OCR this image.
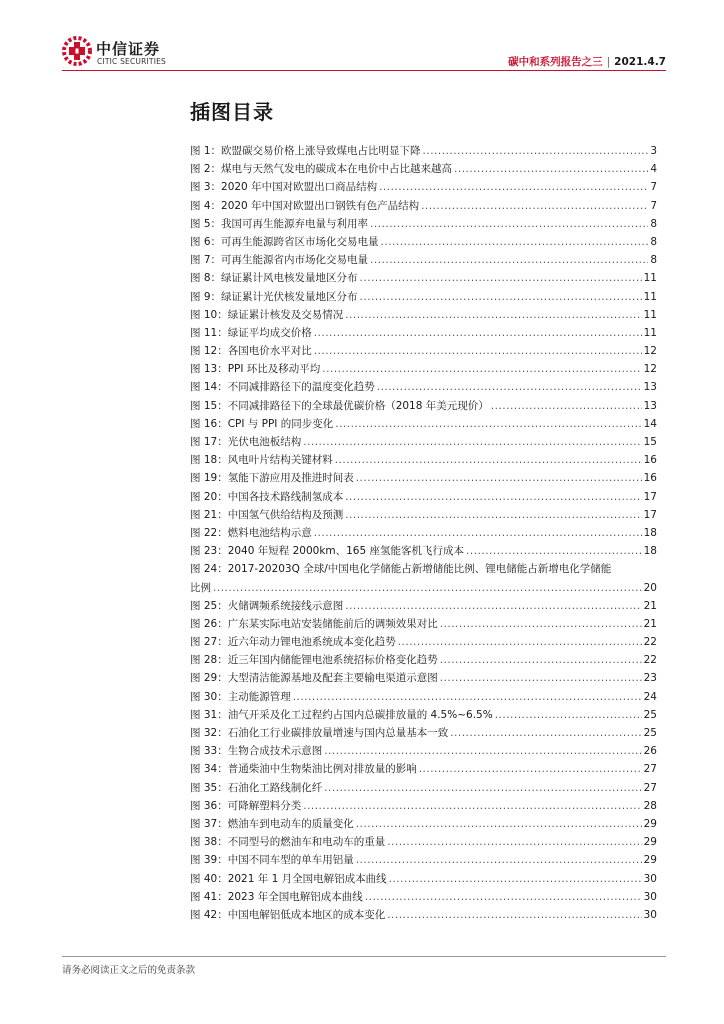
中信证券
CITIC SECURITIES	碳中和系列报告之三 | 2021.4.7
插图目录
图 1：欧盟碳交易价格上涨导致煤电占比明显下降 .....	3
图 2：煤电与天然气发电的碳成本在电价中占比越来越高 .....	4
图 3：2020 年中国对欧盟出口商品结构 .....	7
图 4：2020 年中国对欧盟出口钢铁有色产品结构 .....	7
图 5：我国可再生能源弃电量与利用率 .....	8
图 6：可再生能源跨省区市场化交易电量 .....	8
图 7：可再生能源省内市场化交易电量 .....	8
图 8：绿证累计风电核发量地区分布 .....	11
图 9：绿证累计光伏核发量地区分布 .....	11
图 10：绿证累计核发及交易情况 .....	11
图 11：绿证平均成交价格 .....	11
图 12：各国电价水平对比 .....	12
图 13：PPI 环比及移动平均 .....	12
图 14：不同减排路径下的温度变化趋势 .....	13
图 15：不同减排路径下的全球最优碳价格（2018 年美元现价） .....	13
图 16：CPI 与 PPI 的同步变化 .....	14
图 17：光伏电池板结构 .....	15
图 18：风电叶片结构关键材料 .....	16
图 19：氢能下游应用及推进时间表 .....	16
图 20：中国各技术路线制氢成本 .....	17
图 21：中国氢气供给结构及预测 .....	17
图 22：燃料电池结构示意 .....	18
图 23：2040 年短程 2000km、165 座氢能客机飞行成本 .....	18
图 24：2017-20203Q 全球/中国电化学储能占新增储能比例、锂电储能占新增电化学储能
比例 .....	20
图 25：火储调频系统接线示意图 .....	21
图 26：广东某实际电站安装储能前后的调频效果对比 .....	21
图 27：近六年动力锂电池系统成本变化趋势 .....	22
图 28：近三年国内储能锂电池系统招标价格变化趋势 .....	22
图 29：大型清洁能源基地及配套主要输电渠道示意图 .....	23
图 30：主动能源管理 .....	24
图 31：油气开采及化工过程约占国内总碳排放量的 4.5%~6.5% .....	25
图 32：石油化工行业碳排放量增速与国内总量基本一致 .....	25
图 33：生物合成技术示意图 .....	26
图 34：普通柴油中生物柴油比例对排放量的影响 .....	27
图 35：石油化工路线制化纤 .....	27
图 36：可降解塑料分类 .....	28
图 37：燃油车到电动车的质量变化 .....	29
图 38：不同型号的燃油车和电动车的重量 .....	29
图 39：中国不同车型的单车用铝量 .....	29
图 40：2021 年 1 月全国电解铝成本曲线 .....	30
图 41：2023 年全国电解铝成本曲线 .....	30
图 42：中国电解铝低成本地区的成本变化 .....	30
请务必阅读正文之后的免责条款
